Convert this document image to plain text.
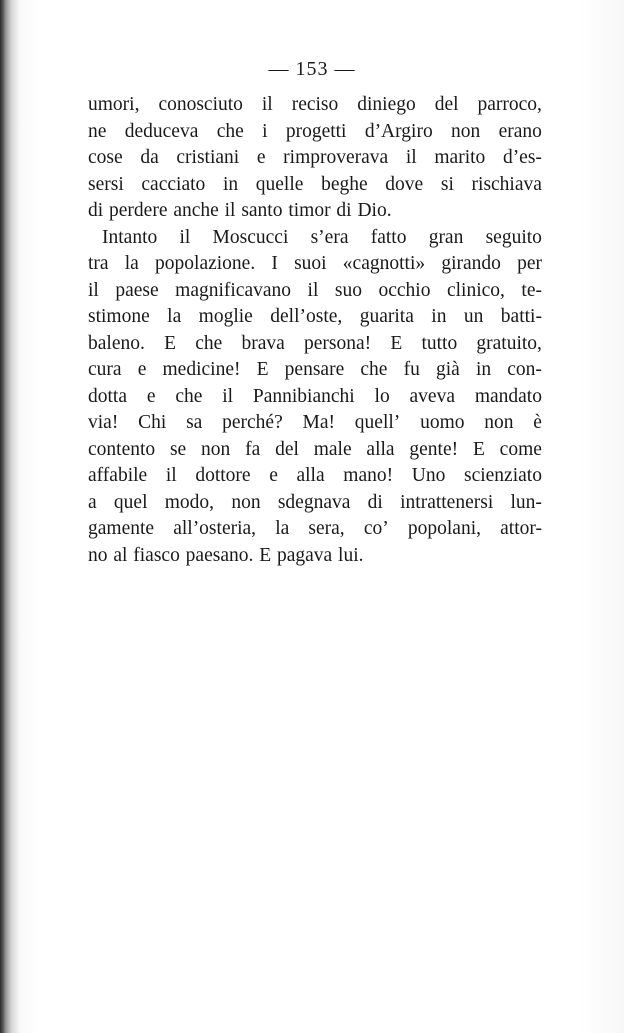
— 153 —
umori, conosciuto il reciso diniego del parroco,
ne deduceva che i progetti d’Argiro non erano
cose da cristiani e rimproverava il marito d’es-
sersi cacciato in quelle beghe dove si rischiava
di perdere anche il santo timor di Dio.
Intanto il Moscucci s’era fatto gran seguito
tra la popolazione. I suoi «cagnotti» girando per
il paese magnificavano il suo occhio clinico, te-
stimone la moglie dell’oste, guarita in un batti-
baleno. E che brava persona! E tutto gratuito,
cura e medicine! E pensare che fu già in con-
dotta e che il Pannibianchi lo aveva mandato
via! Chi sa perché? Ma! quell’ uomo non è
contento se non fa del male alla gente! E come
affabile il dottore e alla mano! Uno scienziato
a quel modo, non sdegnava di intrattenersi lun-
gamente all’osteria, la sera, co’ popolani, attor-
no al fiasco paesano. E pagava lui.
